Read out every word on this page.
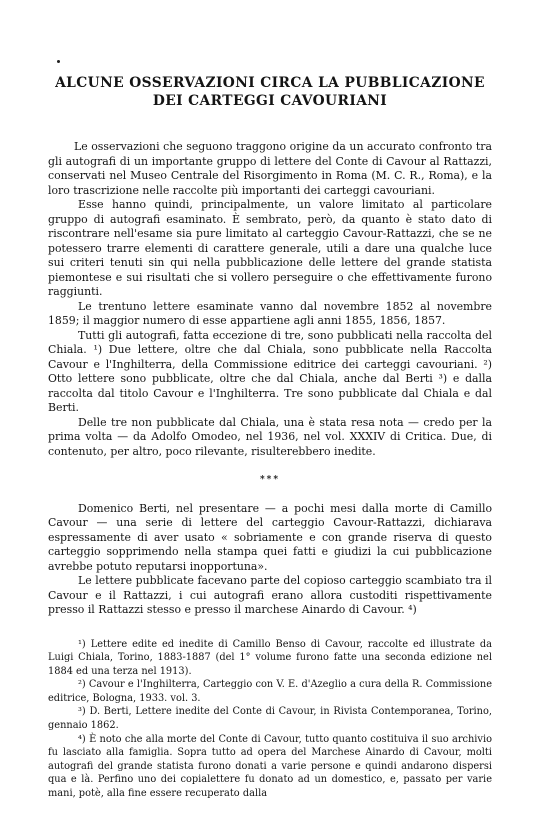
ALCUNE OSSERVAZIONI CIRCA LA PUBBLICAZIONE
DEI CARTEGGI CAVOURIANI

Le osservazioni che seguono traggono origine da un accurato confronto tra gli autografi di un importante gruppo di lettere del Conte di Cavour al Rattazzi, conservati nel Museo Centrale del Risorgimento in Roma (M. C. R., Roma), e la loro trascrizione nelle raccolte più importanti dei carteggi cavouriani.

Esse hanno quindi, principalmente, un valore limitato al particolare gruppo di autografi esaminato. È sembrato, però, da quanto è stato dato di riscontrare nell'esame sia pure limitato al carteggio Cavour-Rattazzi, che se ne potessero trarre elementi di carattere generale, utili a dare una qualche luce sui criteri tenuti sin qui nella pubblicazione delle lettere del grande statista piemontese e sui risultati che si vollero perseguire o che effettivamente furono raggiunti.

Le trentuno lettere esaminate vanno dal novembre 1852 al novembre 1859; il maggior numero di esse appartiene agli anni 1855, 1856, 1857.

Tutti gli autografi, fatta eccezione di tre, sono pubblicati nella raccolta del Chiala. ¹) Due lettere, oltre che dal Chiala, sono pubblicate nella Raccolta Cavour e l'Inghilterra, della Commissione editrice dei carteggi cavouriani. ²) Otto lettere sono pubblicate, oltre che dal Chiala, anche dal Berti ³) e dalla raccolta dal titolo Cavour e l'Inghilterra. Tre sono pubblicate dal Chiala e dal Berti.

Delle tre non pubblicate dal Chiala, una è stata resa nota — credo per la prima volta — da Adolfo Omodeo, nel 1936, nel vol. XXXIV di Critica. Due, di contenuto, per altro, poco rilevante, risulterebbero inedite.

***

Domenico Berti, nel presentare — a pochi mesi dalla morte di Camillo Cavour — una serie di lettere del carteggio Cavour-Rattazzi, dichiarava espressamente di aver usato « sobriamente e con grande riserva di questo carteggio sopprimendo nella stampa quei fatti e giudizi la cui pubblicazione avrebbe potuto reputarsi inopportuna».

Le lettere pubblicate facevano parte del copioso carteggio scambiato tra il Cavour e il Rattazzi, i cui autografi erano allora custoditi rispettivamente presso il Rattazzi stesso e presso il marchese Ainardo di Cavour. ⁴)

¹) Lettere edite ed inedite di Camillo Benso di Cavour, raccolte ed illustrate da Luigi Chiala, Torino, 1883-1887 (del 1° volume furono fatte una seconda edizione nel 1884 ed una terza nel 1913).

²) Cavour e l'Inghilterra, Carteggio con V. E. d'Azeglio a cura della R. Commissione editrice, Bologna, 1933. vol. 3.

³) D. Berti, Lettere inedite del Conte di Cavour, in Rivista Contemporanea, Torino, gennaio 1862.

⁴) È noto che alla morte del Conte di Cavour, tutto quanto costituiva il suo archivio fu lasciato alla famiglia. Sopra tutto ad opera del Marchese Ainardo di Cavour, molti autografi del grande statista furono donati a varie persone e quindi andarono dispersi qua e là. Perfino uno dei copialettere fu donato ad un domestico, e, passato per varie mani, potè, alla fine essere recuperato dalla
